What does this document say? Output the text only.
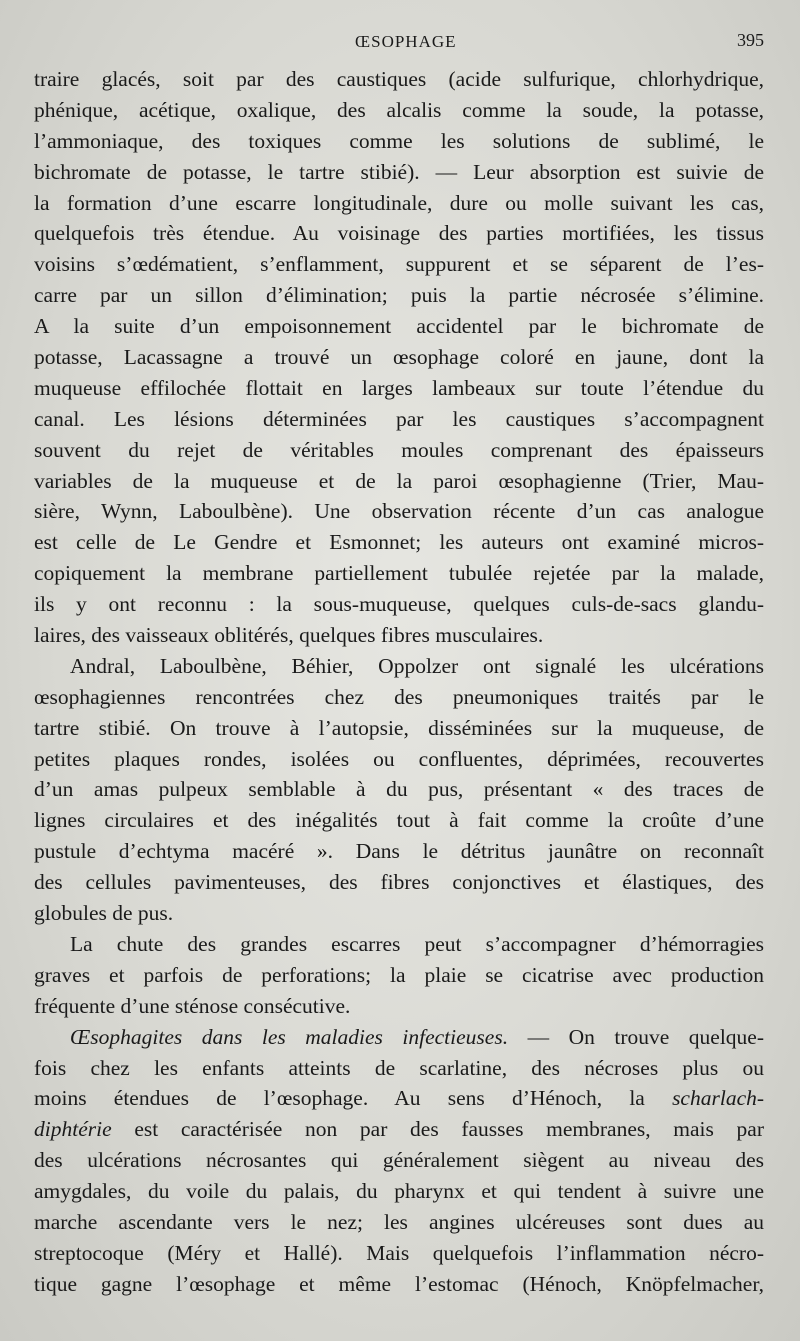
ŒSOPHAGE	395
traire glacés, soit par des caustiques (acide sulfurique, chlorhydrique,
phénique, acétique, oxalique, des alcalis comme la soude, la potasse,
l’ammoniaque, des toxiques comme les solutions de sublimé, le
bichromate de potasse, le tartre stibié). — Leur absorption est suivie de
la formation d’une escarre longitudinale, dure ou molle suivant les cas,
quelquefois très étendue. Au voisinage des parties mortifiées, les tissus
voisins s’œdématient, s’enflamment, suppurent et se séparent de l’es-
carre par un sillon d’élimination; puis la partie nécrosée s’élimine.
A la suite d’un empoisonnement accidentel par le bichromate de
potasse, Lacassagne a trouvé un œsophage coloré en jaune, dont la
muqueuse effilochée flottait en larges lambeaux sur toute l’étendue du
canal. Les lésions déterminées par les caustiques s’accompagnent
souvent du rejet de véritables moules comprenant des épaisseurs
variables de la muqueuse et de la paroi œsophagienne (Trier, Mau-
sière, Wynn, Laboulbène). Une observation récente d’un cas analogue
est celle de Le Gendre et Esmonnet; les auteurs ont examiné micros-
copiquement la membrane partiellement tubulée rejetée par la malade,
ils y ont reconnu : la sous-muqueuse, quelques culs-de-sacs glandu-
laires, des vaisseaux oblitérés, quelques fibres musculaires.
Andral, Laboulbène, Béhier, Oppolzer ont signalé les ulcérations
œsophagiennes rencontrées chez des pneumoniques traités par le
tartre stibié. On trouve à l’autopsie, disséminées sur la muqueuse, de
petites plaques rondes, isolées ou confluentes, déprimées, recouvertes
d’un amas pulpeux semblable à du pus, présentant « des traces de
lignes circulaires et des inégalités tout à fait comme la croûte d’une
pustule d’echtyma macéré ». Dans le détritus jaunâtre on reconnaît
des cellules pavimenteuses, des fibres conjonctives et élastiques, des
globules de pus.
La chute des grandes escarres peut s’accompagner d’hémorragies
graves et parfois de perforations; la plaie se cicatrise avec production
fréquente d’une sténose consécutive.
Œsophagites dans les maladies infectieuses. — On trouve quelque-
fois chez les enfants atteints de scarlatine, des nécroses plus ou
moins étendues de l’œsophage. Au sens d’Hénoch, la scharlach-
diphtérie est caractérisée non par des fausses membranes, mais par
des ulcérations nécrosantes qui généralement siègent au niveau des
amygdales, du voile du palais, du pharynx et qui tendent à suivre une
marche ascendante vers le nez; les angines ulcéreuses sont dues au
streptocoque (Méry et Hallé). Mais quelquefois l’inflammation nécro-
tique gagne l’œsophage et même l’estomac (Hénoch, Knöpfelmacher,
